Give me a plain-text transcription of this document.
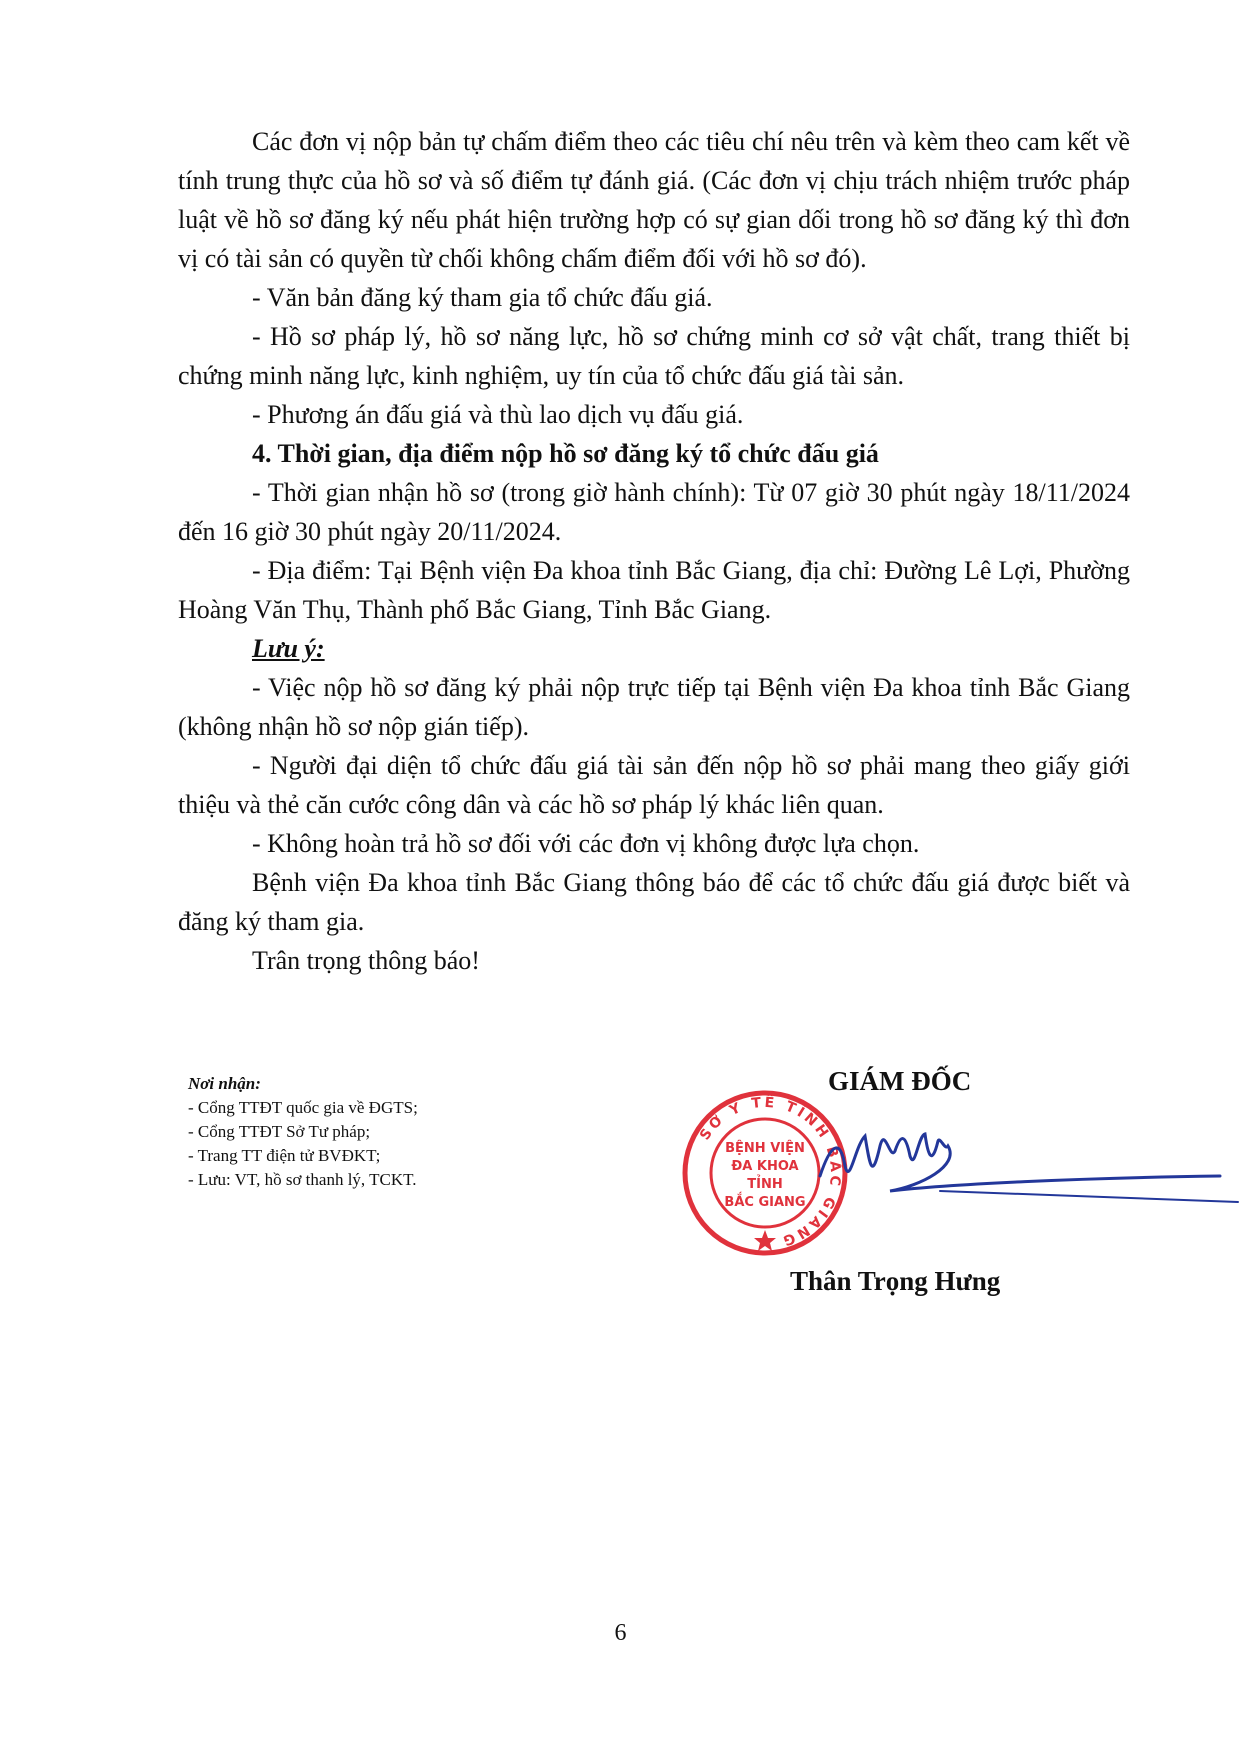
Các đơn vị nộp bản tự chấm điểm theo các tiêu chí nêu trên và kèm theo cam kết về tính trung thực của hồ sơ và số điểm tự đánh giá. (Các đơn vị chịu trách nhiệm trước pháp luật về hồ sơ đăng ký nếu phát hiện trường hợp có sự gian dối trong hồ sơ đăng ký thì đơn vị có tài sản có quyền từ chối không chấm điểm đối với hồ sơ đó).

- Văn bản đăng ký tham gia tổ chức đấu giá.

- Hồ sơ pháp lý, hồ sơ năng lực, hồ sơ chứng minh cơ sở vật chất, trang thiết bị chứng minh năng lực, kinh nghiệm, uy tín của tổ chức đấu giá tài sản.

- Phương án đấu giá và thù lao dịch vụ đấu giá.

4. Thời gian, địa điểm nộp hồ sơ đăng ký tổ chức đấu giá

- Thời gian nhận hồ sơ (trong giờ hành chính): Từ 07 giờ 30 phút ngày 18/11/2024 đến 16 giờ 30 phút ngày 20/11/2024.

- Địa điểm: Tại Bệnh viện Đa khoa tỉnh Bắc Giang, địa chỉ: Đường Lê Lợi, Phường Hoàng Văn Thụ, Thành phố Bắc Giang, Tỉnh Bắc Giang.

Lưu ý:

- Việc nộp hồ sơ đăng ký phải nộp trực tiếp tại Bệnh viện Đa khoa tỉnh Bắc Giang (không nhận hồ sơ nộp gián tiếp).

- Người đại diện tổ chức đấu giá tài sản đến nộp hồ sơ phải mang theo giấy giới thiệu và thẻ căn cước công dân và các hồ sơ pháp lý khác liên quan.

- Không hoàn trả hồ sơ đối với các đơn vị không được lựa chọn.

Bệnh viện Đa khoa tỉnh Bắc Giang thông báo để các tổ chức đấu giá được biết và đăng ký tham gia.

Trân trọng thông báo!

Nơi nhận:
- Cổng TTĐT quốc gia về ĐGTS;
- Cổng TTĐT Sở Tư pháp;
- Trang TT điện tử BVĐKT;
- Lưu: VT, hồ sơ thanh lý, TCKT.
SỞ Y TẾ TỈNH BẮC GIANG
BỆNH VIỆN
ĐA KHOA
TỈNH
BẮC GIANG
GIÁM ĐỐC
Thân Trọng Hưng
6
